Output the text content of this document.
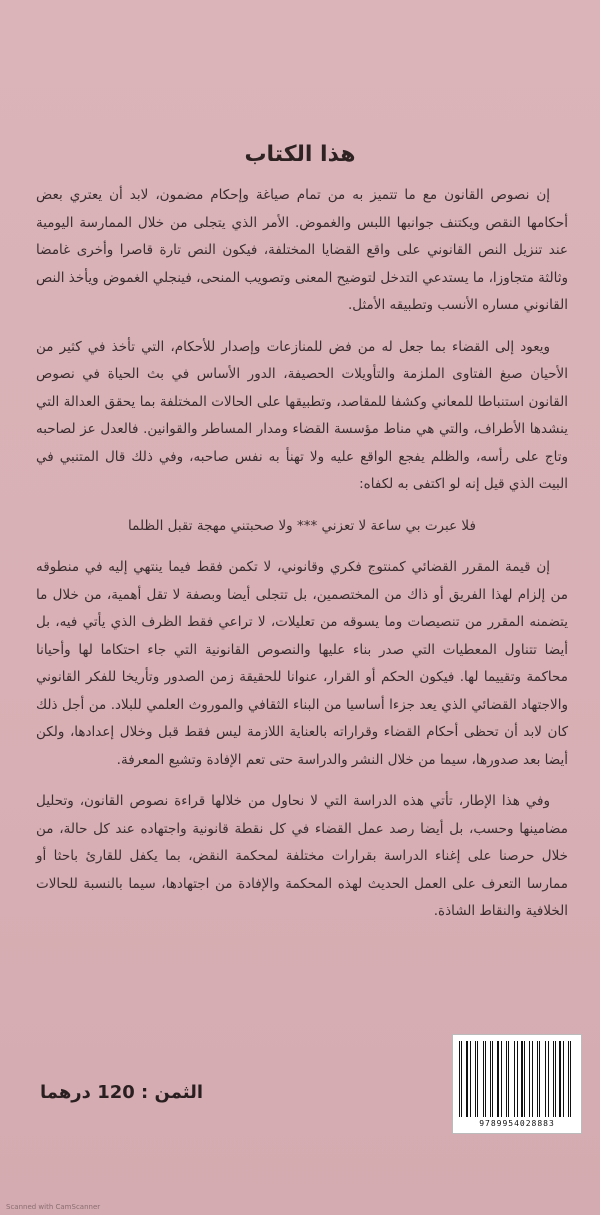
هذا الكتاب

إن نصوص القانون مع ما تتميز به من تمام صياغة وإحكام مضمون، لابد أن يعتري بعض أحكامها النقص ويكتنف جوانبها اللبس والغموض. الأمر الذي يتجلى من خلال الممارسة اليومية عند تنزيل النص القانوني على واقع القضايا المختلفة، فيكون النص تارة قاصرا وأخرى غامضا وثالثة متجاوزا، ما يستدعي التدخل لتوضيح المعنى وتصويب المنحى، فينجلي الغموض ويأخذ النص القانوني مساره الأنسب وتطبيقه الأمثل.

ويعود إلى القضاء بما جعل له من فض للمنازعات وإصدار للأحكام، التي تأخذ في كثير من الأحيان صبغ الفتاوى الملزمة والتأويلات الحصيفة، الدور الأساس في بث الحياة في نصوص القانون استنباطا للمعاني وكشفا للمقاصد، وتطبيقها على الحالات المختلفة بما يحقق العدالة التي ينشدها الأطراف، والتي هي مناط مؤسسة القضاء ومدار المساطر والقوانين. فالعدل عز لصاحبه وتاج على رأسه، والظلم يفجع الواقع عليه ولا تهنأ به نفس صاحبه، وفي ذلك قال المتنبي في البيت الذي قيل إنه لو اكتفى به لكفاه:

فلا عبرت بي ساعة لا تعزني *** ولا صحبتني مهجة تقبل الظلما

إن قيمة المقرر القضائي كمنتوج فكري وقانوني، لا تكمن فقط فيما ينتهي إليه في منطوقه من إلزام لهذا الفريق أو ذاك من المختصمين، بل تتجلى أيضا وبصفة لا تقل أهمية، من خلال ما يتضمنه المقرر من تنصيصات وما يسوقه من تعليلات، لا تراعي فقط الظرف الذي يأتي فيه، بل أيضا تتناول المعطيات التي صدر بناء عليها والنصوص القانونية التي جاء احتكاما لها وأحيانا محاكمة وتقييما لها. فيكون الحكم أو القرار، عنوانا للحقيقة زمن الصدور وتأريخا للفكر القانوني والاجتهاد القضائي الذي يعد جزءا أساسيا من البناء الثقافي والموروث العلمي للبلاد. من أجل ذلك كان لابد أن تحظى أحكام القضاء وقراراته بالعناية اللازمة ليس فقط قبل وخلال إعدادها، ولكن أيضا بعد صدورها، سيما من خلال النشر والدراسة حتى تعم الإفادة وتشيع المعرفة.

وفي هذا الإطار، تأتي هذه الدراسة التي لا نحاول من خلالها قراءة نصوص القانون، وتحليل مضامينها وحسب، بل أيضا رصد عمل القضاء في كل نقطة قانونية واجتهاده عند كل حالة، من خلال حرصنا على إغناء الدراسة بقرارات مختلفة لمحكمة النقض، بما يكفل للقارئ باحثا أو ممارسا التعرف على العمل الحديث لهذه المحكمة والإفادة من اجتهادها، سيما بالنسبة للحالات الخلافية والنقاط الشاذة.

الثمن : 120 درهما
9789954028883
Scanned with CamScanner
